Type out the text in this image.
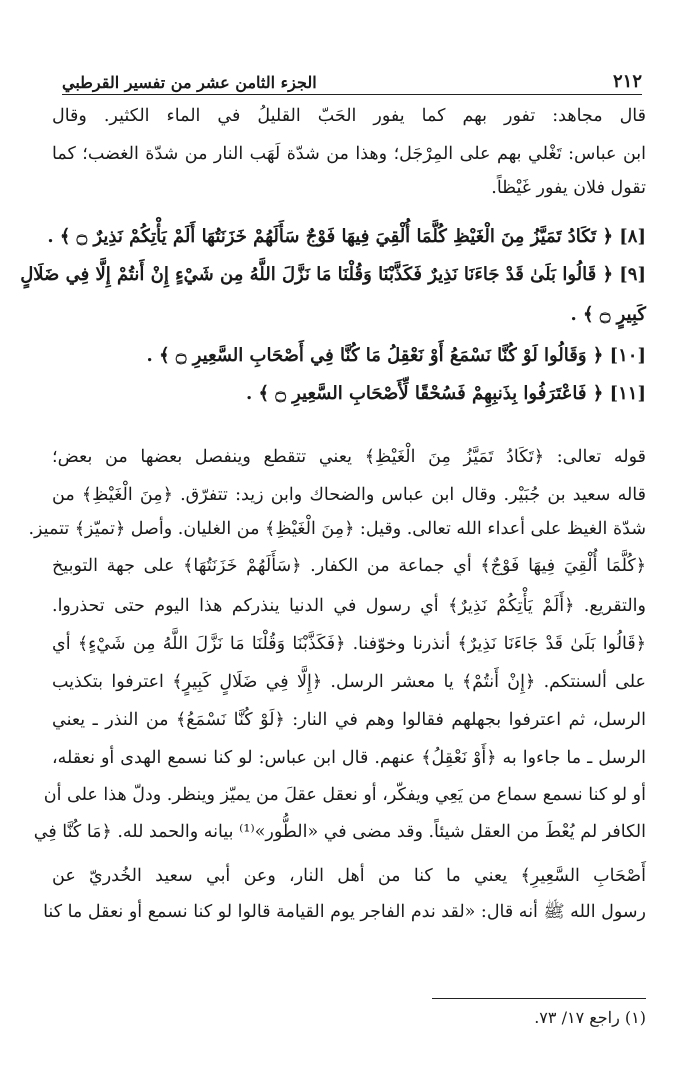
٢١٢
الجزء الثامن عشر من تفسير القرطبي
قال مجاهد: تفور بهم كما يفور الحَبّ القليلُ في الماء الكثير. وقال
ابن عباس: تَغْلي بهم على المِرْجَل؛ وهذا من شدّة لَهَب النار من شدّة الغضب؛ كما
تقول فلان يفور غَيْظاً.
[٨] ﴿ تَكَادُ تَمَيَّزُ مِنَ الْغَيْظِ كُلَّمَا أُلْقِيَ فِيهَا فَوْجٌ سَأَلَهُمْ خَزَنَتُهَا أَلَمْ يَأْتِكُمْ نَذِيرٌ ۝ ﴾ .
[٩] ﴿ قَالُوا بَلَىٰ قَدْ جَاءَنَا نَذِيرٌ فَكَذَّبْنَا وَقُلْنَا مَا نَزَّلَ اللَّهُ مِن شَيْءٍ إِنْ أَنتُمْ إِلَّا فِي ضَلَالٍ
كَبِيرٍ ۝ ﴾ .
[١٠] ﴿ وَقَالُوا لَوْ كُنَّا نَسْمَعُ أَوْ نَعْقِلُ مَا كُنَّا فِي أَصْحَابِ السَّعِيرِ ۝ ﴾ .
[١١] ﴿ فَاعْتَرَفُوا بِذَنبِهِمْ فَسُحْقًا لِّأَصْحَابِ السَّعِيرِ ۝ ﴾ .
قوله تعالى: ﴿تَكَادُ تَمَيَّزُ مِنَ الْغَيْظِ﴾ يعني تتقطع وينفصل بعضها من بعض؛
قاله سعيد بن جُبَيْر. وقال ابن عباس والضحاك وابن زيد: تتفرّق. ﴿مِنَ الْغَيْظِ﴾ من
شدّة الغيظ على أعداء الله تعالى. وقيل: ﴿مِنَ الْغَيْظِ﴾ من الغليان. وأصل ﴿تميّز﴾ تتميز.
﴿كُلَّمَا أُلْقِيَ فِيهَا فَوْجٌ﴾ أي جماعة من الكفار. ﴿سَأَلَهُمْ خَزَنَتُهَا﴾ على جهة التوبيخ
والتقريع. ﴿أَلَمْ يَأْتِكُمْ نَذِيرٌ﴾ أي رسول في الدنيا ينذركم هذا اليوم حتى تحذروا.
﴿قَالُوا بَلَىٰ قَدْ جَاءَنَا نَذِيرٌ﴾ أنذرنا وخوّفنا. ﴿فَكَذَّبْنَا وَقُلْنَا مَا نَزَّلَ اللَّهُ مِن شَيْءٍ﴾ أي
على ألسنتكم. ﴿إِنْ أَنتُمْ﴾ يا معشر الرسل. ﴿إِلَّا فِي ضَلَالٍ كَبِيرٍ﴾ اعترفوا بتكذيب
الرسل، ثم اعترفوا بجهلهم فقالوا وهم في النار: ﴿لَوْ كُنَّا نَسْمَعُ﴾ من النذر ـ يعني
الرسل ـ ما جاءوا به ﴿أَوْ نَعْقِلُ﴾ عنهم. قال ابن عباس: لو كنا نسمع الهدى أو نعقله،
أو لو كنا نسمع سماع من يَعِي ويفكّر، أو نعقل عقلَ من يميّز وينظر. ودلّ هذا على أن
الكافر لم يُعْطَ من العقل شيئاً. وقد مضى في «الطُّور»⁽¹⁾ بيانه والحمد لله. ﴿مَا كُنَّا فِي
أَصْحَابِ السَّعِيرِ﴾ يعني ما كنا من أهل النار، وعن أبي سعيد الخُدريّ عن
رسول الله ﷺ أنه قال: «لقد ندم الفاجر يوم القيامة قالوا لو كنا نسمع أو نعقل ما كنا
(١) راجع ١٧/ ٧٣.
